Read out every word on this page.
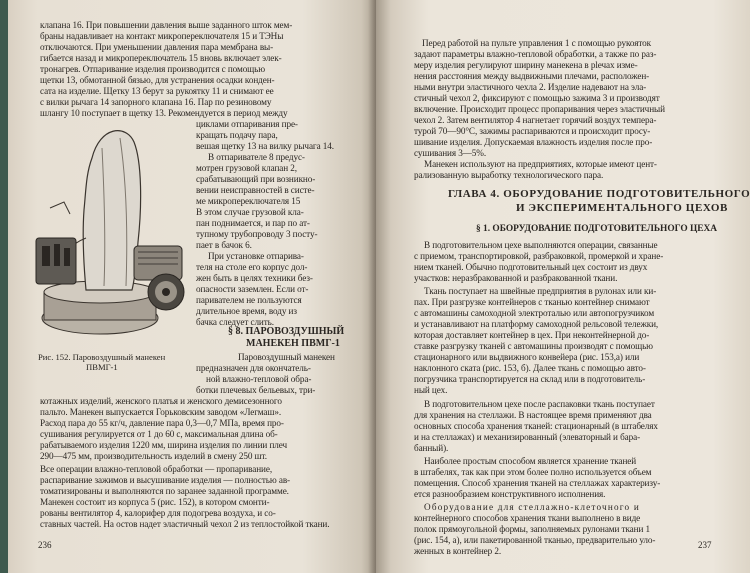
клапана 16. При повышении давления выше заданного шток мем-
браны надавливает на контакт микропереключателя 15 и ТЭНы
отключаются. При уменьшении давления пара мембрана вы-
гибается назад и микропереключатель 15 вновь включает элек-
тронагрев. Отпаривание изделия производится с помощью
щетки 13, обмотанной бязью, для устранения осадки конден-
сата на изделие. Щетку 13 берут за рукоятку 11 и снимают ее
с вилки рычага 14 запорного клапана 16. Пар по резиновому
шлангу 10 поступает в щетку 13. Рекомендуется в период между
циклами отпаривания пре-
кращать подачу пара,
вешая щетку 13 на вилку рычага 14.
В отпаривателе 8 предус-
мотрен грузовой клапан 2,
срабатывающий при возникно-
вении неисправностей в систе-
ме микропереключателя 15
В этом случае грузовой кла-
пан поднимается, и пар по ат-
тупному трубопроводу 3 посту-
пает в бачок 6.
При установке отпарива-
теля на столе его корпус дол-
жен быть в целях техники без-
опасности заземлен. Если от-
паривателем не пользуются
длительное время, воду из
бачка следует слить.
§ 8. ПАРОВОЗДУШНЫЙ
МАНЕКЕН ПВМГ-1
Рис. 152. Паровоздушный манекен
ПВМГ-1
Паровоздушный манекен
предназначен для окончатель-
ной влажно-тепловой обра-
ботки плечевых бельевых, три-
котажных изделий, женского платья и женского демисезонного
пальто. Манекен выпускается Горьковским заводом «Легмаш».
Расход пара до 55 кг/ч, давление пара 0,3—0,7 МПа, время про-
сушивания регулируется от 1 до 60 с, максимальная длина об-
рабатываемого изделия 1220 мм, ширина изделия по линии плеч
290—475 мм, производительность изделий в смену 250 шт.
Все операции влажно-тепловой обработки — пропаривание,
распаривание зажимов и высушивание изделия — полностью ав-
томатизированы и выполняются по заранее заданной программе.
Манекен состоит из корпуса 5 (рис. 152), в котором смонти-
рованы вентилятор 4, калорифер для подогрева воздуха, и со-
ставных частей. На остов надет эластичный чехол 2 из теплостойкой ткани.
236
Перед работой на пульте управления 1 с помощью рукояток
задают параметры влажно-тепловой обработки, а также по раз-
меру изделия регулируют ширину манекена в plечах изме-
нения расстояния между выдвижными плечами, расположен-
ными внутри эластичного чехла 2. Изделие надевают на эла-
стичный чехол 2, фиксируют с помощью зажима 3 и производят
включение. Происходит процесс пропаривания через эластичный
чехол 2. Затем вентилятор 4 нагнетает горячий воздух темпера-
турой 70—90°С, зажимы распариваются и происходит просу-
шивание изделия. Допускаемая влажность изделия после про-
сушивания 3—5%.
Манекен используют на предприятиях, которые имеют цент-
рализованную выработку технологического пара.
ГЛАВА 4. ОБОРУДОВАНИЕ ПОДГОТОВИТЕЛЬНОГО
И ЭКСПЕРИМЕНТАЛЬНОГО ЦЕХОВ
§ 1. ОБОРУДОВАНИЕ ПОДГОТОВИТЕЛЬНОГО ЦЕХА
В подготовительном цехе выполняются операции, связанные
с приемом, транспортировкой, разбраковкой, промеркой и хране-
нием тканей. Обычно подготовительный цех состоит из двух
участков: неразбракованной и разбракованной ткани.
Ткань поступает на швейные предприятия в рулонах или ки-
пах. При разгрузке контейнеров с тканью контейнер снимают
с автомашины самоходной электроталью или автопогрузчиком
и устанавливают на платформу самоходной рельсовой тележки,
которая доставляет контейнер в цех. При неконтейнерной до-
ставке разгрузку тканей с автомашины производят с помощью
стационарного или выдвижного конвейера (рис. 153,а) или
наклонного ската (рис. 153, б). Далее ткань с помощью авто-
погрузчика транспортируется на склад или в подготовитель-
ный цех.
В подготовительном цехе после распаковки ткань поступает
для хранения на стеллажи. В настоящее время применяют два
основных способа хранения тканей: стационарный (в штабелях
и на стеллажах) и механизированный (элеваторный и бара-
банный).
Наиболее простым способом является хранение тканей
в штабелях, так как при этом более полно используется объем
помещения. Способ хранения тканей на стеллажах характеризу-
ется разнообразием конструктивного исполнения.
Оборудование для стеллажно-клеточного и
контейнерного способов хранения ткани выполнено в виде
полок прямоугольной формы, заполняемых рулонами ткани 1
(рис. 154, а), или пакетированной тканью, предварительно уло-
женных в контейнер 2.
237
